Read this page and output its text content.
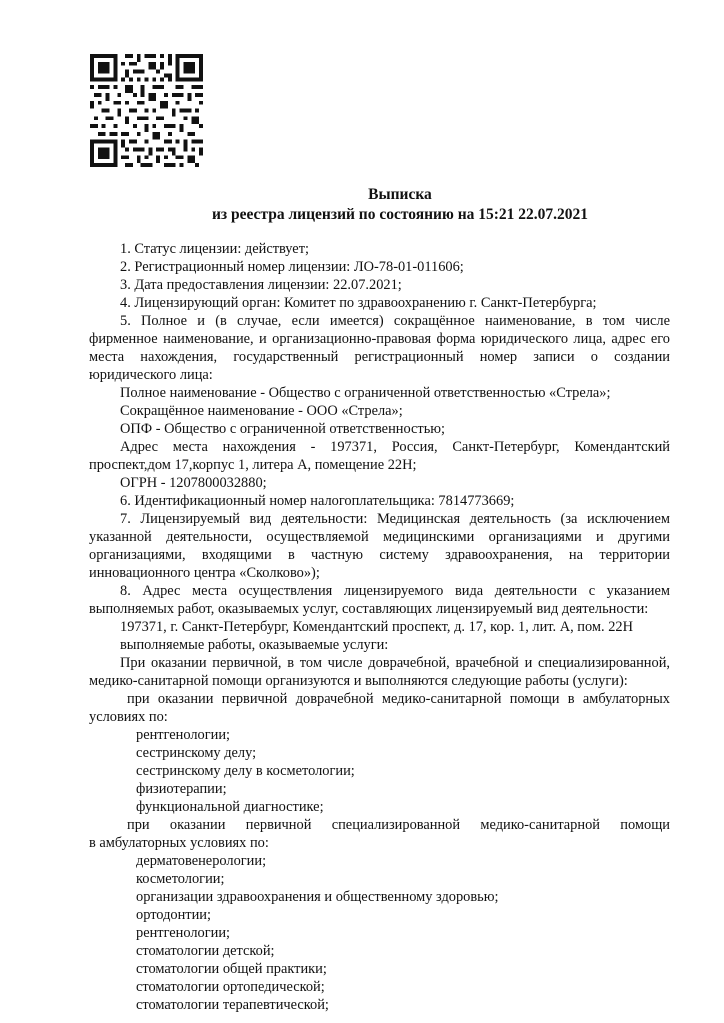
Выписка
из реестра лицензий по состоянию на 15:21 22.07.2021
1. Статус лицензии: действует;
2. Регистрационный номер лицензии: ЛО-78-01-011606;
3. Дата предоставления лицензии: 22.07.2021;
4. Лицензирующий орган: Комитет по здравоохранению г. Санкт-Петербурга;
5. Полное и (в случае, если имеется) сокращённое наименование, в том числе
фирменное наименование, и организационно-правовая форма юридического лица, адрес его
места нахождения, государственный регистрационный номер записи о создании
юридического лица:
Полное наименование - Общество с ограниченной ответственностью «Стрела»;
Сокращённое наименование - ООО «Стрела»;
ОПФ - Общество с ограниченной ответственностью;
Адрес места нахождения - 197371, Россия, Санкт-Петербург, Комендантский
проспект,дом 17,корпус 1, литера А, помещение 22Н;
ОГРН - 1207800032880;
6. Идентификационный номер налогоплательщика: 7814773669;
7. Лицензируемый вид деятельности: Медицинская деятельность (за исключением
указанной деятельности, осуществляемой медицинскими организациями и другими
организациями, входящими в частную систему здравоохранения, на территории
инновационного центра «Сколково»);
8. Адрес места осуществления лицензируемого вида деятельности с указанием
выполняемых работ, оказываемых услуг, составляющих лицензируемый вид деятельности:
197371, г. Санкт-Петербург, Комендантский проспект, д. 17, кор. 1, лит. А, пом. 22Н
выполняемые работы, оказываемые услуги:
При оказании первичной, в том числе доврачебной, врачебной и специализированной,
медико-санитарной помощи организуются и выполняются следующие работы (услуги):
при оказании первичной доврачебной медико-санитарной помощи в амбулаторных
условиях по:
рентгенологии;
сестринскому делу;
сестринскому делу в косметологии;
физиотерапии;
функциональной диагностике;
при оказании первичной специализированной медико-санитарной помощи
в амбулаторных условиях по:
дерматовенерологии;
косметологии;
организации здравоохранения и общественному здоровью;
ортодонтии;
рентгенологии;
стоматологии детской;
стоматологии общей практики;
стоматологии ортопедической;
стоматологии терапевтической;
